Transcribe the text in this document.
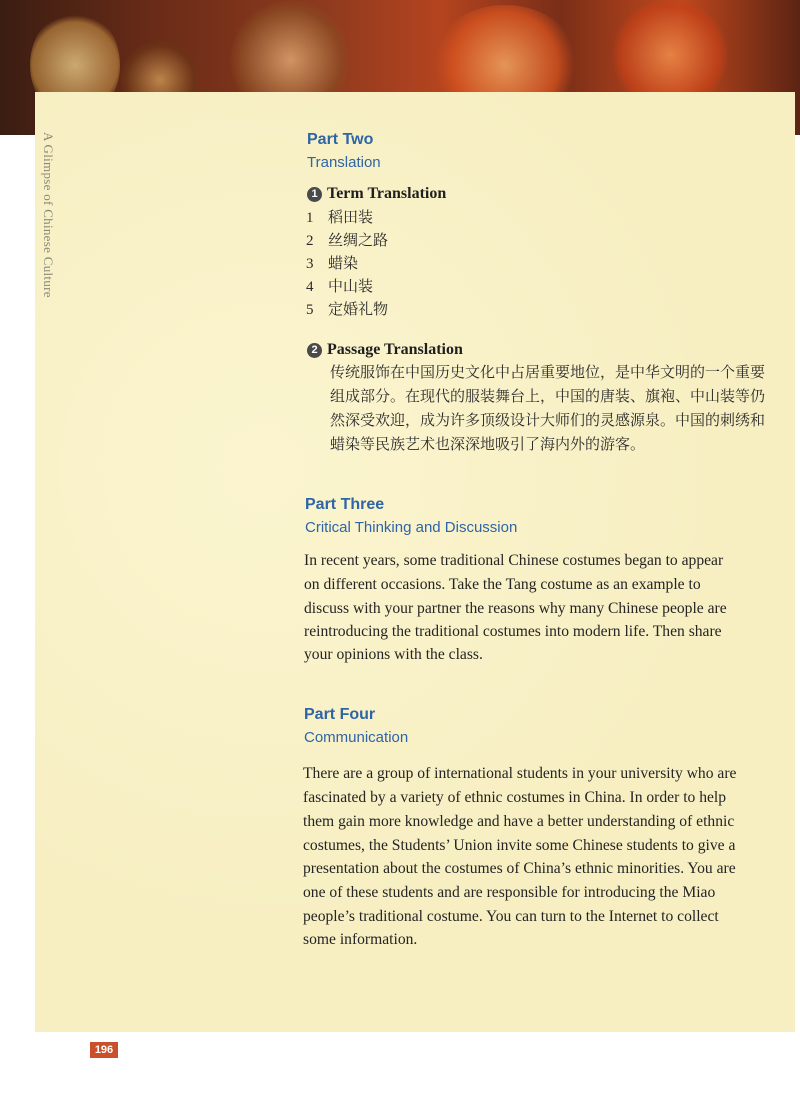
A Glimpse of Chinese Culture	Part Two
Translation
1 Term Translation
1 稻田装
2 丝绸之路
3 蜡染
4 中山装
5 定婚礼物
2 Passage Translation
传统服饰在中国历史文化中占居重要地位，是中华文明的一个重要
组成部分。在现代的服装舞台上，中国的唐装、旗袍、中山装等仍
然深受欢迎，成为许多顶级设计大师们的灵感源泉。中国的刺绣和
蜡染等民族艺术也深深地吸引了海内外的游客。
Part Three
Critical Thinking and Discussion
In recent years, some traditional Chinese costumes began to appear
on different occasions. Take the Tang costume as an example to
discuss with your partner the reasons why many Chinese people are
reintroducing the traditional costumes into modern life. Then share
your opinions with the class.
Part Four
Communication
There are a group of international students in your university who are
fascinated by a variety of ethnic costumes in China. In order to help
them gain more knowledge and have a better understanding of ethnic
costumes, the Students’ Union invite some Chinese students to give a
presentation about the costumes of China’s ethnic minorities. You are
one of these students and are responsible for introducing the Miao
people’s traditional costume. You can turn to the Internet to collect
some information.
196
